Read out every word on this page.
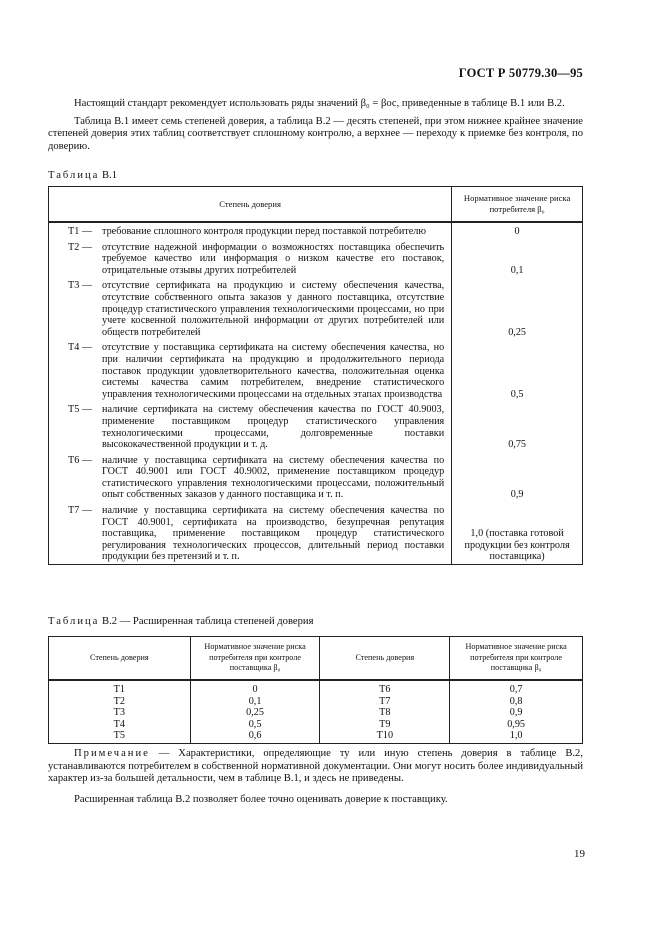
ГОСТ Р 50779.30—95

Настоящий стандарт рекомендует использовать ряды значений β₀ = βос, приведенные в таблице В.1 или В.2.

Таблица В.1 имеет семь степеней доверия, а таблица В.2 — десять степеней, при этом нижнее крайнее значение степеней доверия этих таблиц соответствует сплошному контролю, а верхнее — переходу к приемке без контроля, по доверию.

Таблица В.1
Степень доверия	Нормативное значение риска потребителя β₀

Т1 — требование сплошного контроля продукции перед поставкой потребителю	0

Т2 — отсутствие надежной информации о возможностях поставщика обеспечить требуемое качество или информация о низком качестве его поставок, отрицательные отзывы других потребителей	0,1

Т3 — отсутствие сертификата на продукцию и систему обеспечения качества, отсутствие собственного опыта заказов у данного поставщика, отсутствие процедур статистического управления технологическими процессами, но при учете косвенной положительной информации от других потребителей или обществ потребителей	0,25

Т4 — отсутствие у поставщика сертификата на систему обеспечения качества, но при наличии сертификата на продукцию и продолжительного периода поставок продукции удовлетворительного качества, положительная оценка системы качества самим потребителем, внедрение статистического управления технологическими процессами на отдельных этапах производства	0,5

Т5 — наличие сертификата на систему обеспечения качества по ГОСТ 40.9003, применение поставщиком процедур статистического управления технологическими процессами, долговременные поставки высококачественной продукции и т. д.	0,75

Т6 — наличие у поставщика сертификата на систему обеспечения качества по ГОСТ 40.9001 или ГОСТ 40.9002, применение поставщиком процедур статистического управления технологическими процессами, положительный опыт собственных заказов у данного поставщика и т. п.	0,9

Т7 — наличие у поставщика сертификата на систему обеспечения качества по ГОСТ 40.9001, сертификата на производство, безупречная репутация поставщика, применение поставщиком процедур статистического регулирования технологических процессов, длительный период поставки продукции без претензий и т. п.	1,0 (поставка готовой продукции без контроля поставщика)
Таблица В.2 — Расширенная таблица степеней доверия
Степень доверия	Нормативное значение риска потребителя при контроле поставщика β₀	Степень доверия	Нормативное значение риска потребителя при контроле поставщика β₀
Т1	0	Т6	0,7
Т2	0,1	Т7	0,8
Т3	0,25	Т8	0,9
Т4	0,5	Т9	0,95
Т5	0,6	Т10	1,0

Примечание — Характеристики, определяющие ту или иную степень доверия в таблице В.2, устанавливаются потребителем в собственной нормативной документации. Они могут носить более индивидуальный характер из-за большей детальности, чем в таблице В.1, и здесь не приведены.

Расширенная таблица В.2 позволяет более точно оценивать доверие к поставщику.

19
